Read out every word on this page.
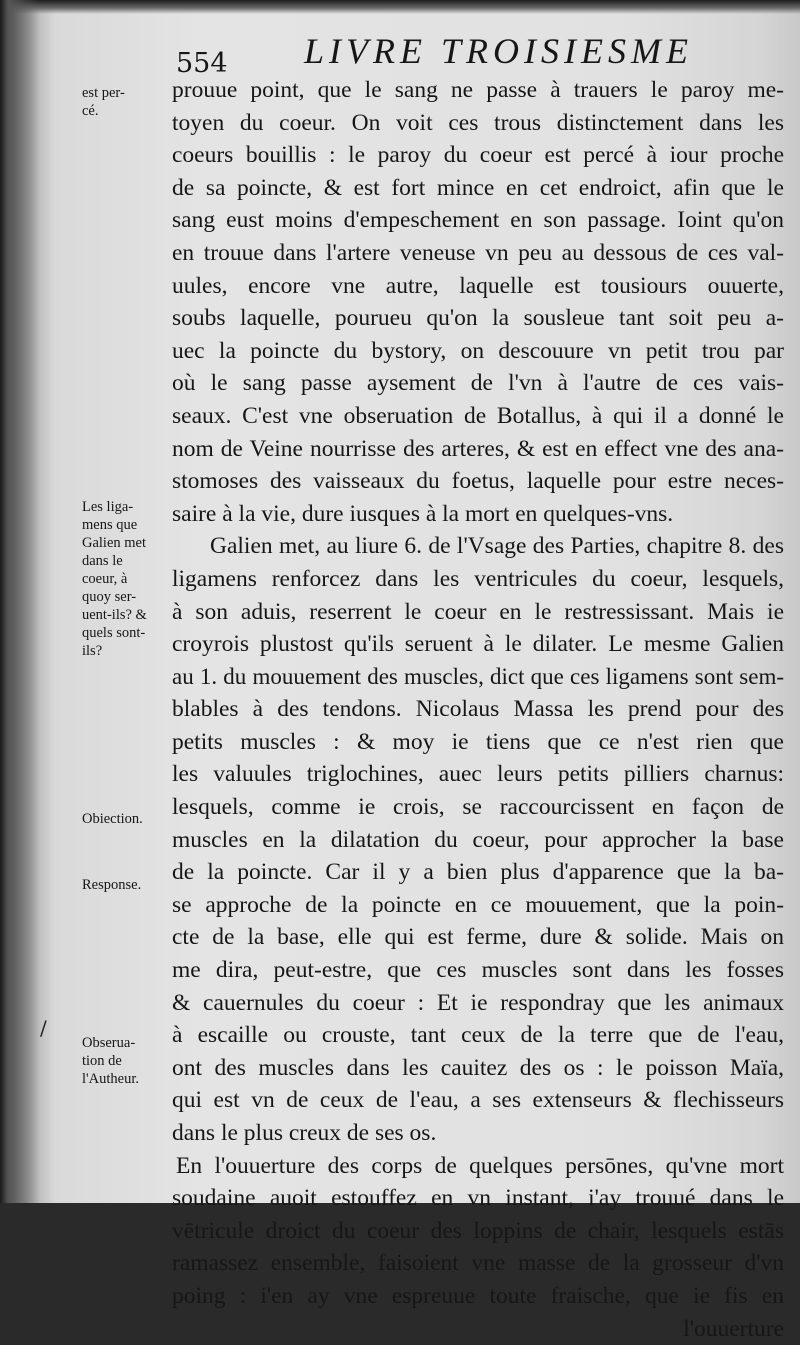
554 LIVRE TROISIESME
est per-
cé.
Les liga-
mens que
Galien met
dans le
coeur, à
quoy ser-
uent-ils? &
quels sont-
ils?
Obiection.
Response.
Obserua-
tion de
l'Autheur.
/
prouue point, que le sang ne passe à trauers le paroy me-
toyen du coeur. On voit ces trous distinctement dans les
coeurs bouillis : le paroy du coeur est percé à iour proche
de sa poincte, & est fort mince en cet endroict, afin que le
sang eust moins d'empeschement en son passage. Ioint qu'on
en trouue dans l'artere veneuse vn peu au dessous de ces val-
uules, encore vne autre, laquelle est tousiours ouuerte,
soubs laquelle, pourueu qu'on la sousleue tant soit peu a-
uec la poincte du bystory, on descouure vn petit trou par
où le sang passe aysement de l'vn à l'autre de ces vais-
seaux. C'est vne obseruation de Botallus, à qui il a donné le
nom de Veine nourrisse des arteres, & est en effect vne des ana-
stomoses des vaisseaux du foetus, laquelle pour estre neces-
saire à la vie, dure iusques à la mort en quelques-vns.
Galien met, au liure 6. de l'Vsage des Parties, chapitre 8. des
ligamens renforcez dans les ventricules du coeur, lesquels,
à son aduis, reserrent le coeur en le restressissant. Mais ie
croyrois plustost qu'ils seruent à le dilater. Le mesme Galien
au 1. du mouuement des muscles, dict que ces ligamens sont sem-
blables à des tendons. Nicolaus Massa les prend pour des
petits muscles : & moy ie tiens que ce n'est rien que
les valuules triglochines, auec leurs petits pilliers charnus:
lesquels, comme ie crois, se raccourcissent en façon de
muscles en la dilatation du coeur, pour approcher la base
de la poincte. Car il y a bien plus d'apparence que la ba-
se approche de la poincte en ce mouuement, que la poin-
cte de la base, elle qui est ferme, dure & solide. Mais on
me dira, peut-estre, que ces muscles sont dans les fosses
& cauernules du coeur : Et ie respondray que les animaux
à escaille ou crouste, tant ceux de la terre que de l'eau,
ont des muscles dans les cauitez des os : le poisson Maïa,
qui est vn de ceux de l'eau, a ses extenseurs & flechisseurs
dans le plus creux de ses os.
En l'ouuerture des corps de quelques persōnes, qu'vne mort
soudaine auoit estouffez en vn instant, i'ay trouué dans le
vētricule droict du coeur des loppins de chair, lesquels estās
ramassez ensemble, faisoient vne masse de la grosseur d'vn
poing : i'en ay vne espreuue toute fraische, que ie fis en
l'ouuerture
